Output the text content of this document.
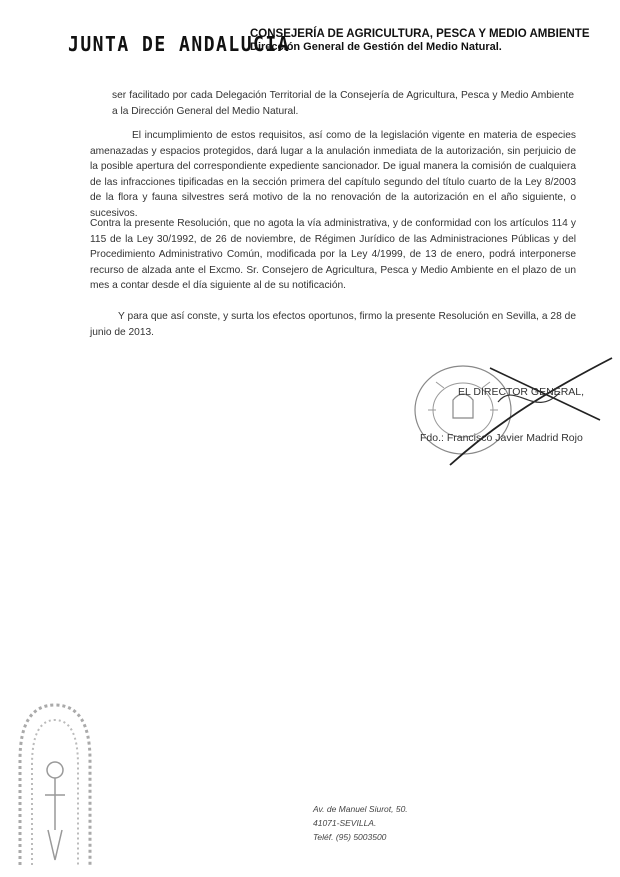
JUNTA DE ANDALUCIA
CONSEJERÍA DE AGRICULTURA, PESCA Y MEDIO AMBIENTE
Dirección General de Gestión del Medio Natural.
ser facilitado por cada Delegación Territorial de la Consejería de Agricultura, Pesca y Medio Ambiente a la Dirección General del Medio Natural.
El incumplimiento de estos requisitos, así como de la legislación vigente en materia de especies amenazadas y espacios protegidos, dará lugar a la anulación inmediata de la autorización, sin perjuicio de la posible apertura del correspondiente expediente sancionador. De igual manera la comisión de cualquiera de las infracciones tipificadas en la sección primera del capítulo segundo del título cuarto de la Ley 8/2003 de la flora y fauna silvestres será motivo de la no renovación de la autorización en el año siguiente, o sucesivos.
Contra la presente Resolución, que no agota la vía administrativa, y de conformidad con los artículos 114 y 115 de la Ley 30/1992, de 26 de noviembre, de Régimen Jurídico de las Administraciones Públicas y del Procedimiento Administrativo Común, modificada por la Ley 4/1999, de 13 de enero, podrá interponerse recurso de alzada ante el Excmo. Sr. Consejero de Agricultura, Pesca y Medio Ambiente en el plazo de un mes a contar desde el día siguiente al de su notificación.
Y para que así conste, y surta los efectos oportunos, firmo la presente Resolución en Sevilla, a 28 de junio de 2013.
EL DIRECTOR GENERAL,
Fdo.: Francisco Javier Madrid Rojo
Av. de Manuel Siurot, 50.
41071-SEVILLA.
Teléf. (95) 5003500
